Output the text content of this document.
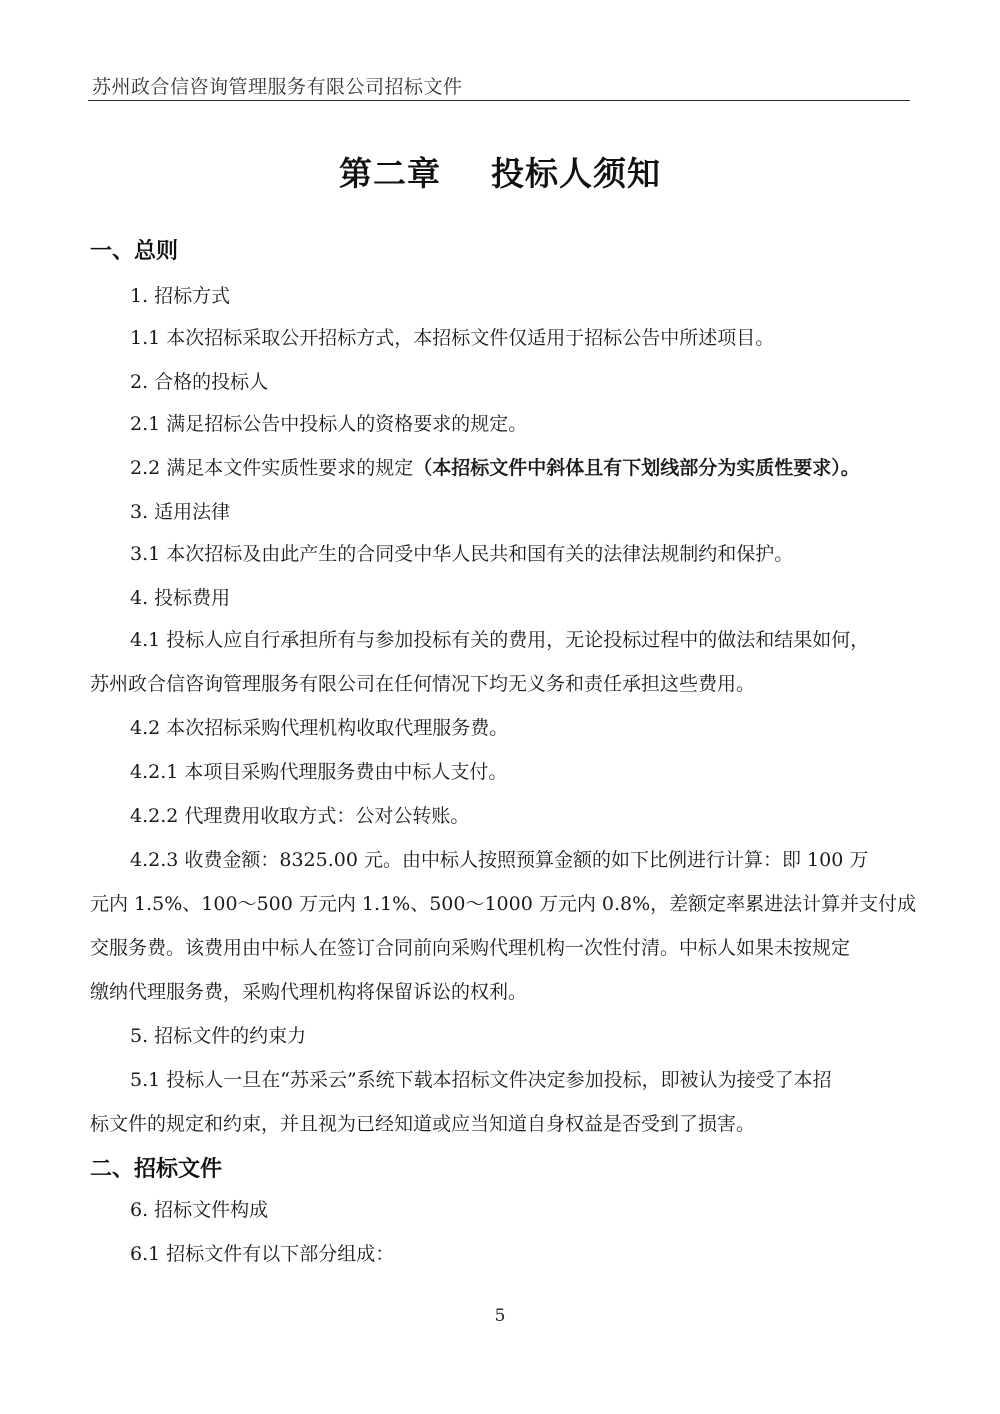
苏州政合信咨询管理服务有限公司招标文件
第二章    投标人须知
一、总则
1. 招标方式
1.1 本次招标采取公开招标方式，本招标文件仅适用于招标公告中所述项目。
2. 合格的投标人
2.1 满足招标公告中投标人的资格要求的规定。
2.2 满足本文件实质性要求的规定（本招标文件中斜体且有下划线部分为实质性要求）。
3. 适用法律
3.1 本次招标及由此产生的合同受中华人民共和国有关的法律法规制约和保护。
4. 投标费用
4.1 投标人应自行承担所有与参加投标有关的费用，无论投标过程中的做法和结果如何，
苏州政合信咨询管理服务有限公司在任何情况下均无义务和责任承担这些费用。
4.2 本次招标采购代理机构收取代理服务费。
4.2.1 本项目采购代理服务费由中标人支付。
4.2.2 代理费用收取方式：公对公转账。
4.2.3 收费金额：8325.00 元。由中标人按照预算金额的如下比例进行计算：即 100 万
元内 1.5%、100～500 万元内 1.1%、500～1000 万元内 0.8%，差额定率累进法计算并支付成
交服务费。该费用由中标人在签订合同前向采购代理机构一次性付清。中标人如果未按规定
缴纳代理服务费，采购代理机构将保留诉讼的权利。
5. 招标文件的约束力
5.1 投标人一旦在“苏采云”系统下载本招标文件决定参加投标，即被认为接受了本招
标文件的规定和约束，并且视为已经知道或应当知道自身权益是否受到了损害。
二、招标文件
6. 招标文件构成
6.1 招标文件有以下部分组成：
5
